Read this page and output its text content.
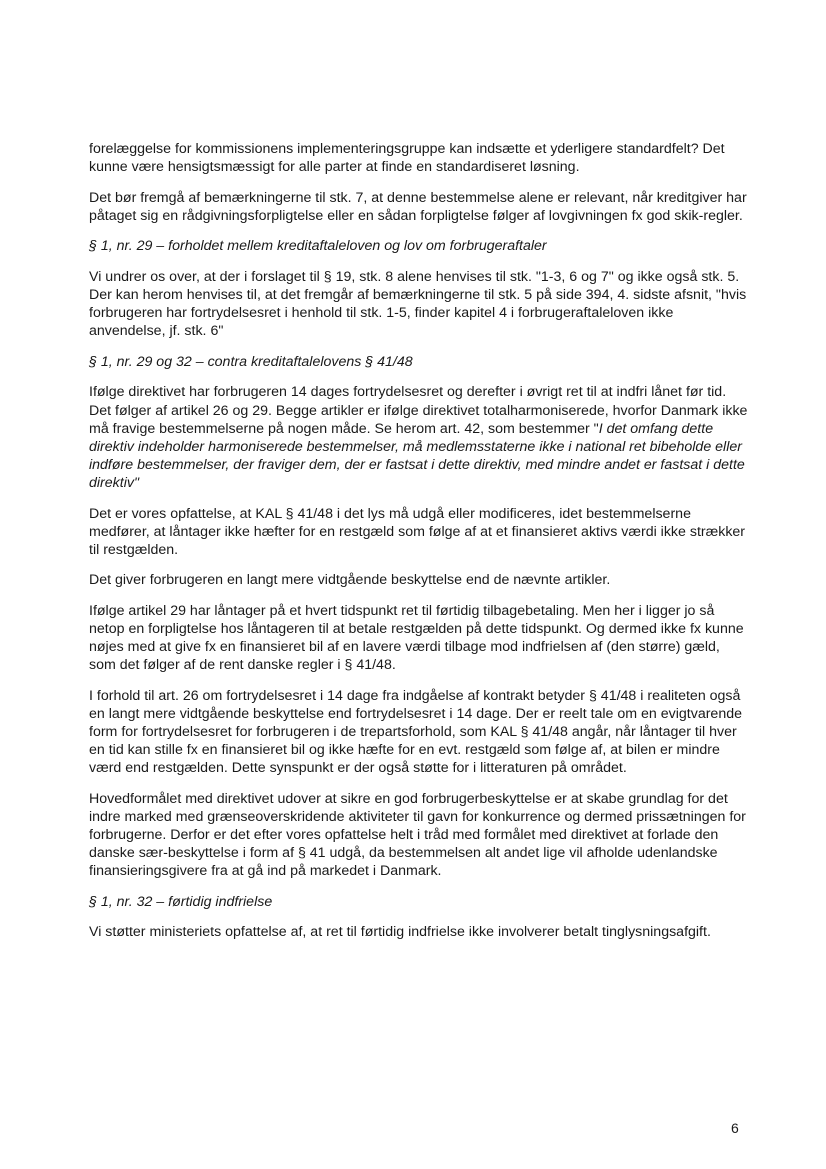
forelæggelse for kommissionens implementeringsgruppe kan indsætte et yderligere standardfelt? Det kunne være hensigtsmæssigt for alle parter at finde en standardiseret løsning.

Det bør fremgå af bemærkningerne til stk. 7, at denne bestemmelse alene er relevant, når kreditgiver har påtaget sig en rådgivningsforpligtelse eller en sådan forpligtelse følger af lovgivningen fx god skik-regler.

§ 1, nr. 29 – forholdet mellem kreditaftaleloven og lov om forbrugeraftaler

Vi undrer os over, at der i forslaget til § 19, stk. 8 alene henvises til stk. "1-3, 6 og 7" og ikke også stk. 5. Der kan herom henvises til, at det fremgår af bemærkningerne til stk. 5 på side 394, 4. sidste afsnit, "hvis forbrugeren har fortrydelsesret i henhold til stk. 1-5, finder kapitel 4 i forbrugeraftaleloven ikke anvendelse, jf. stk. 6"

§ 1, nr. 29 og 32 – contra kreditaftalelovens § 41/48

Ifølge direktivet har forbrugeren 14 dages fortrydelsesret og derefter i øvrigt ret til at indfri lånet før tid. Det følger af artikel 26 og 29. Begge artikler er ifølge direktivet totalharmoniserede, hvorfor Danmark ikke må fravige bestemmelserne på nogen måde. Se herom art. 42, som bestemmer "I det omfang dette direktiv indeholder harmoniserede bestemmelser, må medlemsstaterne ikke i national ret bibeholde eller indføre bestemmelser, der fraviger dem, der er fastsat i dette direktiv, med mindre andet er fastsat i dette direktiv"

Det er vores opfattelse, at KAL § 41/48 i det lys må udgå eller modificeres, idet bestemmelserne medfører, at låntager ikke hæfter for en restgæld som følge af at et finansieret aktivs værdi ikke strækker til restgælden.

Det giver forbrugeren en langt mere vidtgående beskyttelse end de nævnte artikler.

Ifølge artikel 29 har låntager på et hvert tidspunkt ret til førtidig tilbagebetaling. Men her i ligger jo så netop en forpligtelse hos låntageren til at betale restgælden på dette tidspunkt. Og dermed ikke fx kunne nøjes med at give fx en finansieret bil af en lavere værdi tilbage mod indfrielsen af (den større) gæld, som det følger af de rent danske regler i § 41/48.

I forhold til art. 26 om fortrydelsesret i 14 dage fra indgåelse af kontrakt betyder § 41/48 i realiteten også en langt mere vidtgående beskyttelse end fortrydelsesret i 14 dage. Der er reelt tale om en evigtvarende form for fortrydelsesret for forbrugeren i de trepartsforhold, som KAL § 41/48 angår, når låntager til hver en tid kan stille fx en finansieret bil og ikke hæfte for en evt. restgæld som følge af, at bilen er mindre værd end restgælden. Dette synspunkt er der også støtte for i litteraturen på området.

Hovedformålet med direktivet udover at sikre en god forbrugerbeskyttelse er at skabe grundlag for det indre marked med grænseoverskridende aktiviteter til gavn for konkurrence og dermed prissætningen for forbrugerne. Derfor er det efter vores opfattelse helt i tråd med formålet med direktivet at forlade den danske sær-beskyttelse i form af § 41 udgå, da bestemmelsen alt andet lige vil afholde udenlandske finansieringsgivere fra at gå ind på markedet i Danmark.

§ 1, nr. 32 – førtidig indfrielse

Vi støtter ministeriets opfattelse af, at ret til førtidig indfrielse ikke involverer betalt tinglysningsafgift.

6
